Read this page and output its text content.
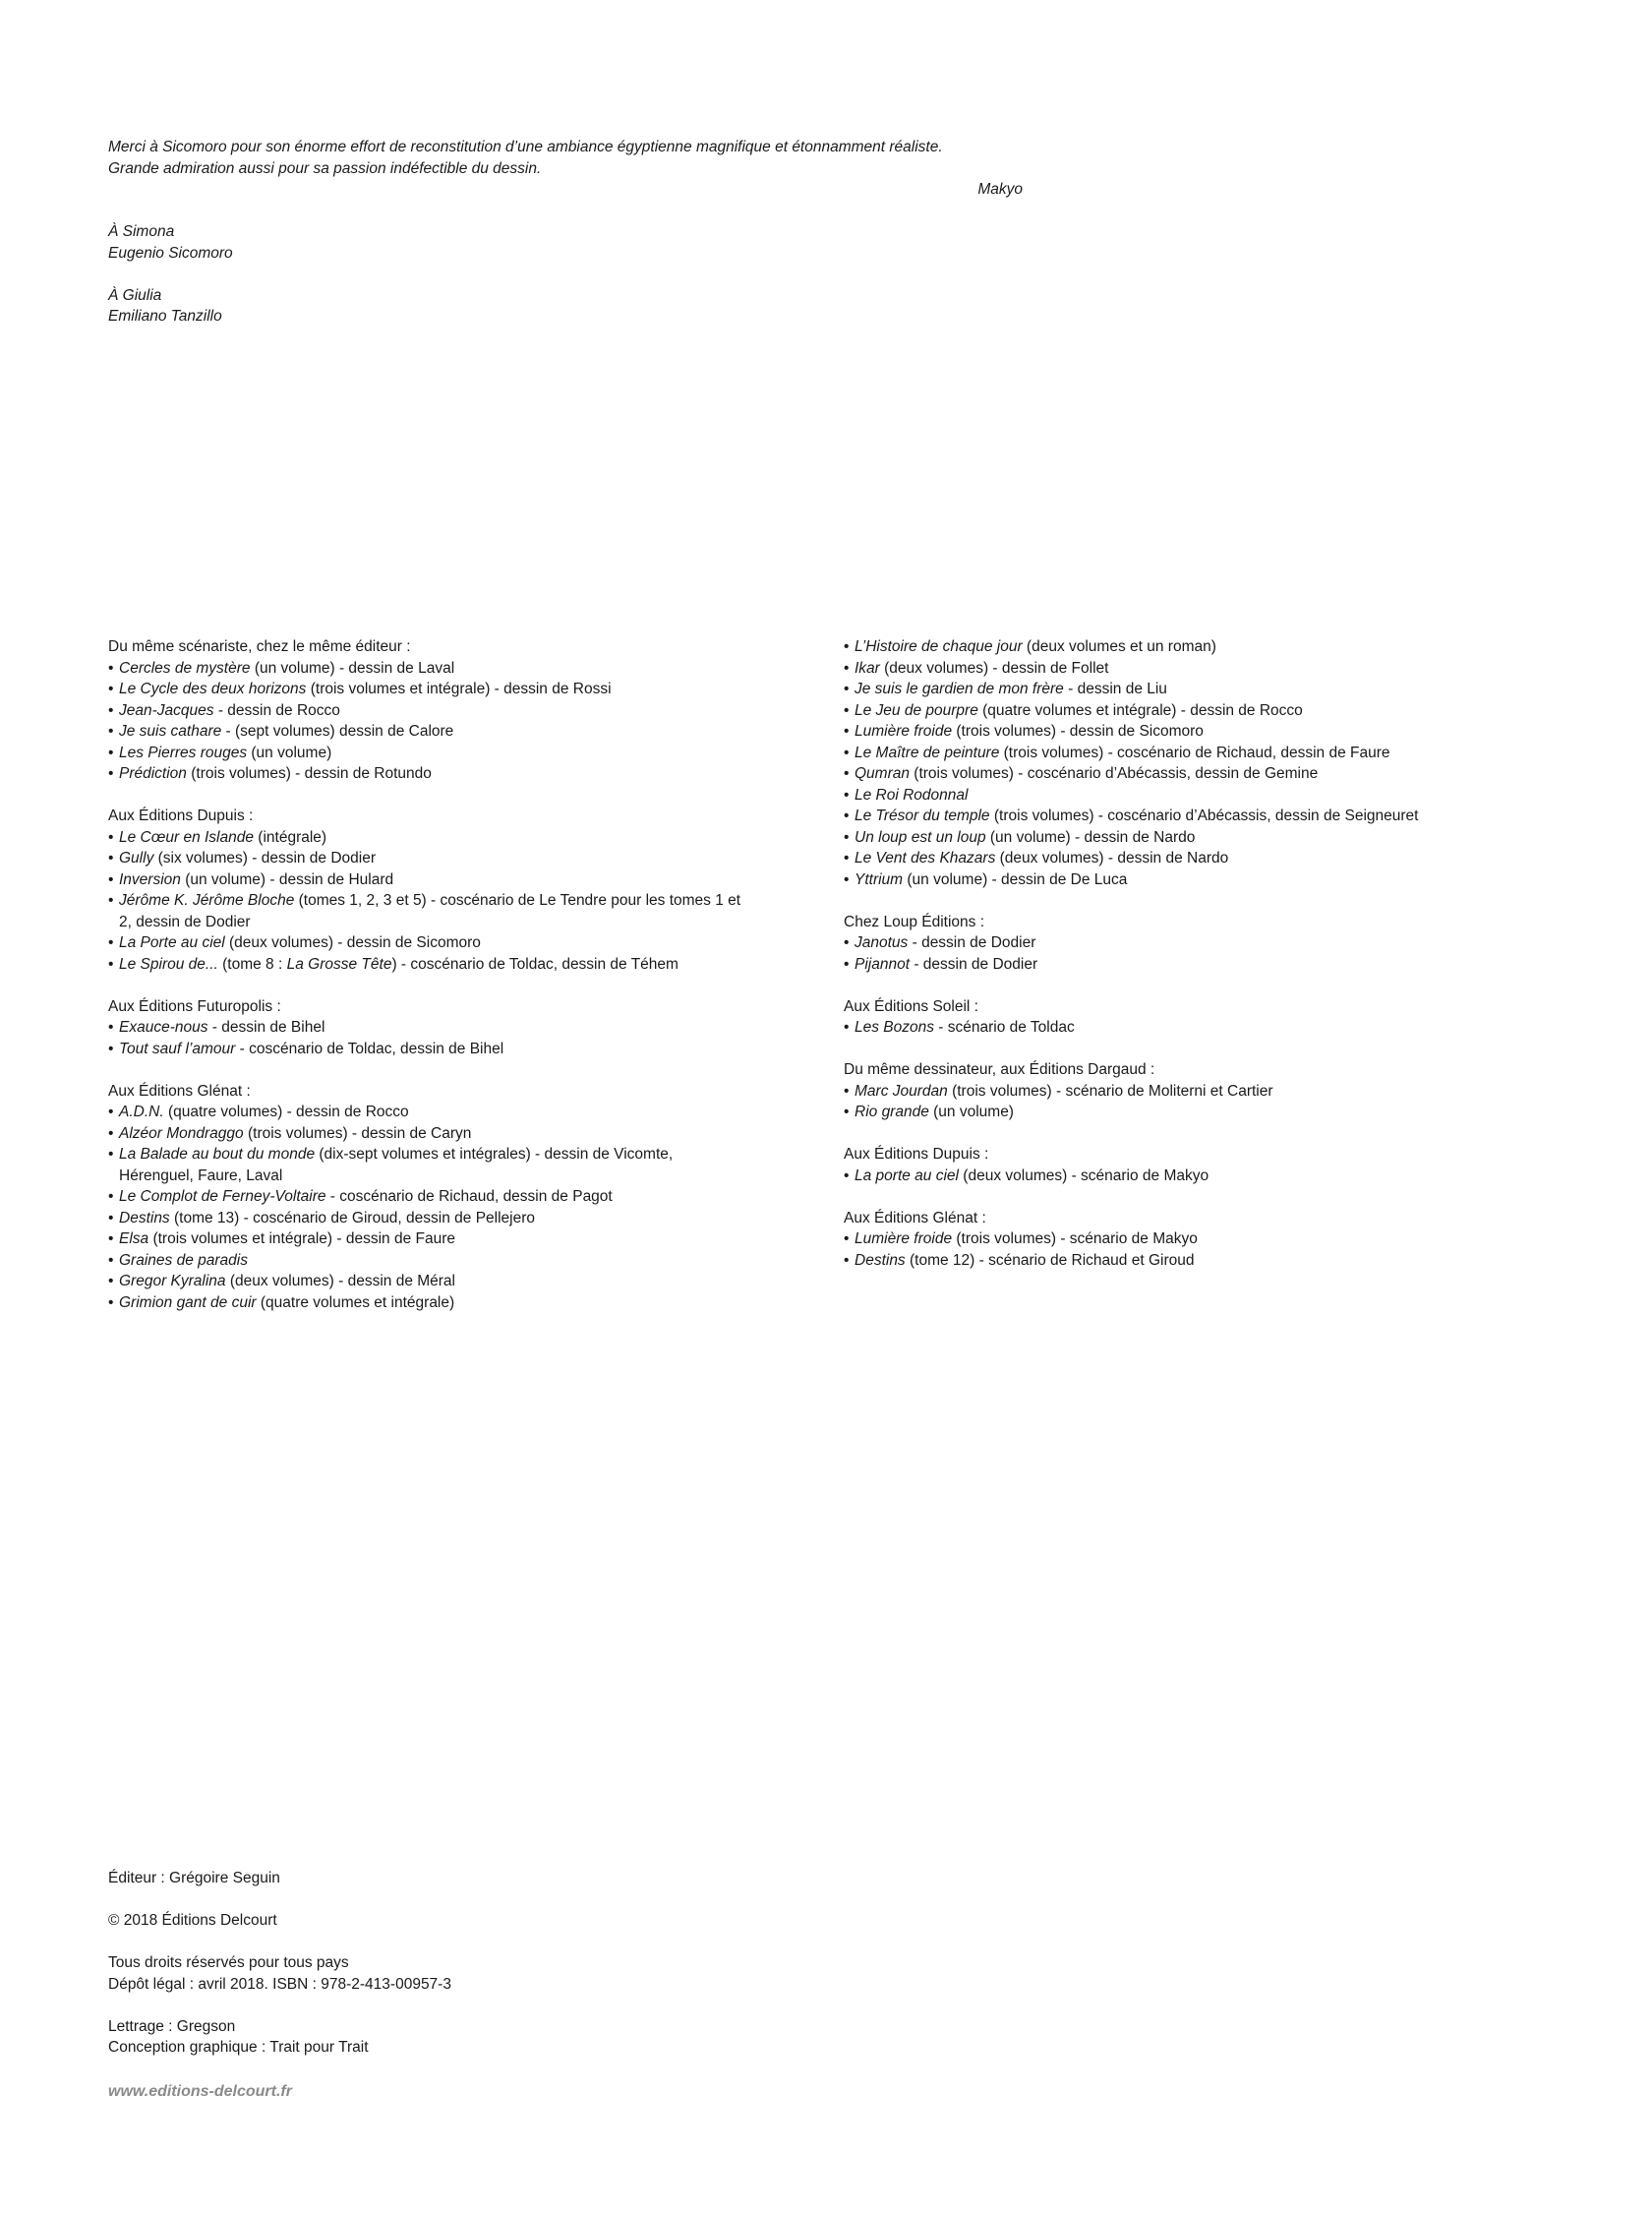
Merci à Sicomoro pour son énorme effort de reconstitution d’une ambiance égyptienne magnifique et étonnamment réaliste.

Grande admiration aussi pour sa passion indéfectible du dessin.

Makyo

À Simona

Eugenio Sicomoro

À Giulia

Emiliano Tanzillo

Du même scénariste, chez le même éditeur :

• Cercles de mystère (un volume) - dessin de Laval
• Le Cycle des deux horizons (trois volumes et intégrale) - dessin de Rossi
• Jean-Jacques - dessin de Rocco
• Je suis cathare - (sept volumes) dessin de Calore
• Les Pierres rouges (un volume)
• Prédiction (trois volumes) - dessin de Rotundo

Aux Éditions Dupuis :

• Le Cœur en Islande (intégrale)
• Gully (six volumes) - dessin de Dodier
• Inversion (un volume) - dessin de Hulard
• Jérôme K. Jérôme Bloche (tomes 1, 2, 3 et 5) - coscénario de Le Tendre pour les tomes 1 et 2, dessin de Dodier
• La Porte au ciel (deux volumes) - dessin de Sicomoro
• Le Spirou de... (tome 8 : La Grosse Tête) - coscénario de Toldac, dessin de Téhem

Aux Éditions Futuropolis :

• Exauce-nous - dessin de Bihel
• Tout sauf l’amour - coscénario de Toldac, dessin de Bihel

Aux Éditions Glénat :

• A.D.N. (quatre volumes) - dessin de Rocco
• Alzéor Mondraggo (trois volumes) - dessin de Caryn
• La Balade au bout du monde (dix-sept volumes et intégrales) - dessin de Vicomte, Hérenguel, Faure, Laval
• Le Complot de Ferney-Voltaire - coscénario de Richaud, dessin de Pagot
• Destins (tome 13) - coscénario de Giroud, dessin de Pellejero
• Elsa (trois volumes et intégrale) - dessin de Faure
• Graines de paradis
• Gregor Kyralina (deux volumes) - dessin de Méral
• Grimion gant de cuir (quatre volumes et intégrale)
• L’Histoire de chaque jour (deux volumes et un roman)
• Ikar (deux volumes) - dessin de Follet
• Je suis le gardien de mon frère - dessin de Liu
• Le Jeu de pourpre (quatre volumes et intégrale) - dessin de Rocco
• Lumière froide (trois volumes) - dessin de Sicomoro
• Le Maître de peinture (trois volumes) - coscénario de Richaud, dessin de Faure
• Qumran (trois volumes) - coscénario d’Abécassis, dessin de Gemine
• Le Roi Rodonnal
• Le Trésor du temple (trois volumes) - coscénario d’Abécassis, dessin de Seigneuret
• Un loup est un loup (un volume) - dessin de Nardo
• Le Vent des Khazars (deux volumes) - dessin de Nardo
• Yttrium (un volume) - dessin de De Luca

Chez Loup Éditions :

• Janotus - dessin de Dodier
• Pijannot - dessin de Dodier

Aux Éditions Soleil :

• Les Bozons - scénario de Toldac

Du même dessinateur, aux Éditions Dargaud :

• Marc Jourdan (trois volumes) - scénario de Moliterni et Cartier
• Rio grande (un volume)

Aux Éditions Dupuis :

• La porte au ciel (deux volumes) - scénario de Makyo

Aux Éditions Glénat :

• Lumière froide (trois volumes) - scénario de Makyo
• Destins (tome 12) - scénario de Richaud et Giroud

Éditeur : Grégoire Seguin

© 2018 Éditions Delcourt

Tous droits réservés pour tous pays

Dépôt légal : avril 2018. ISBN : 978-2-413-00957-3

Lettrage : Gregson

Conception graphique : Trait pour Trait

www.editions-delcourt.fr
